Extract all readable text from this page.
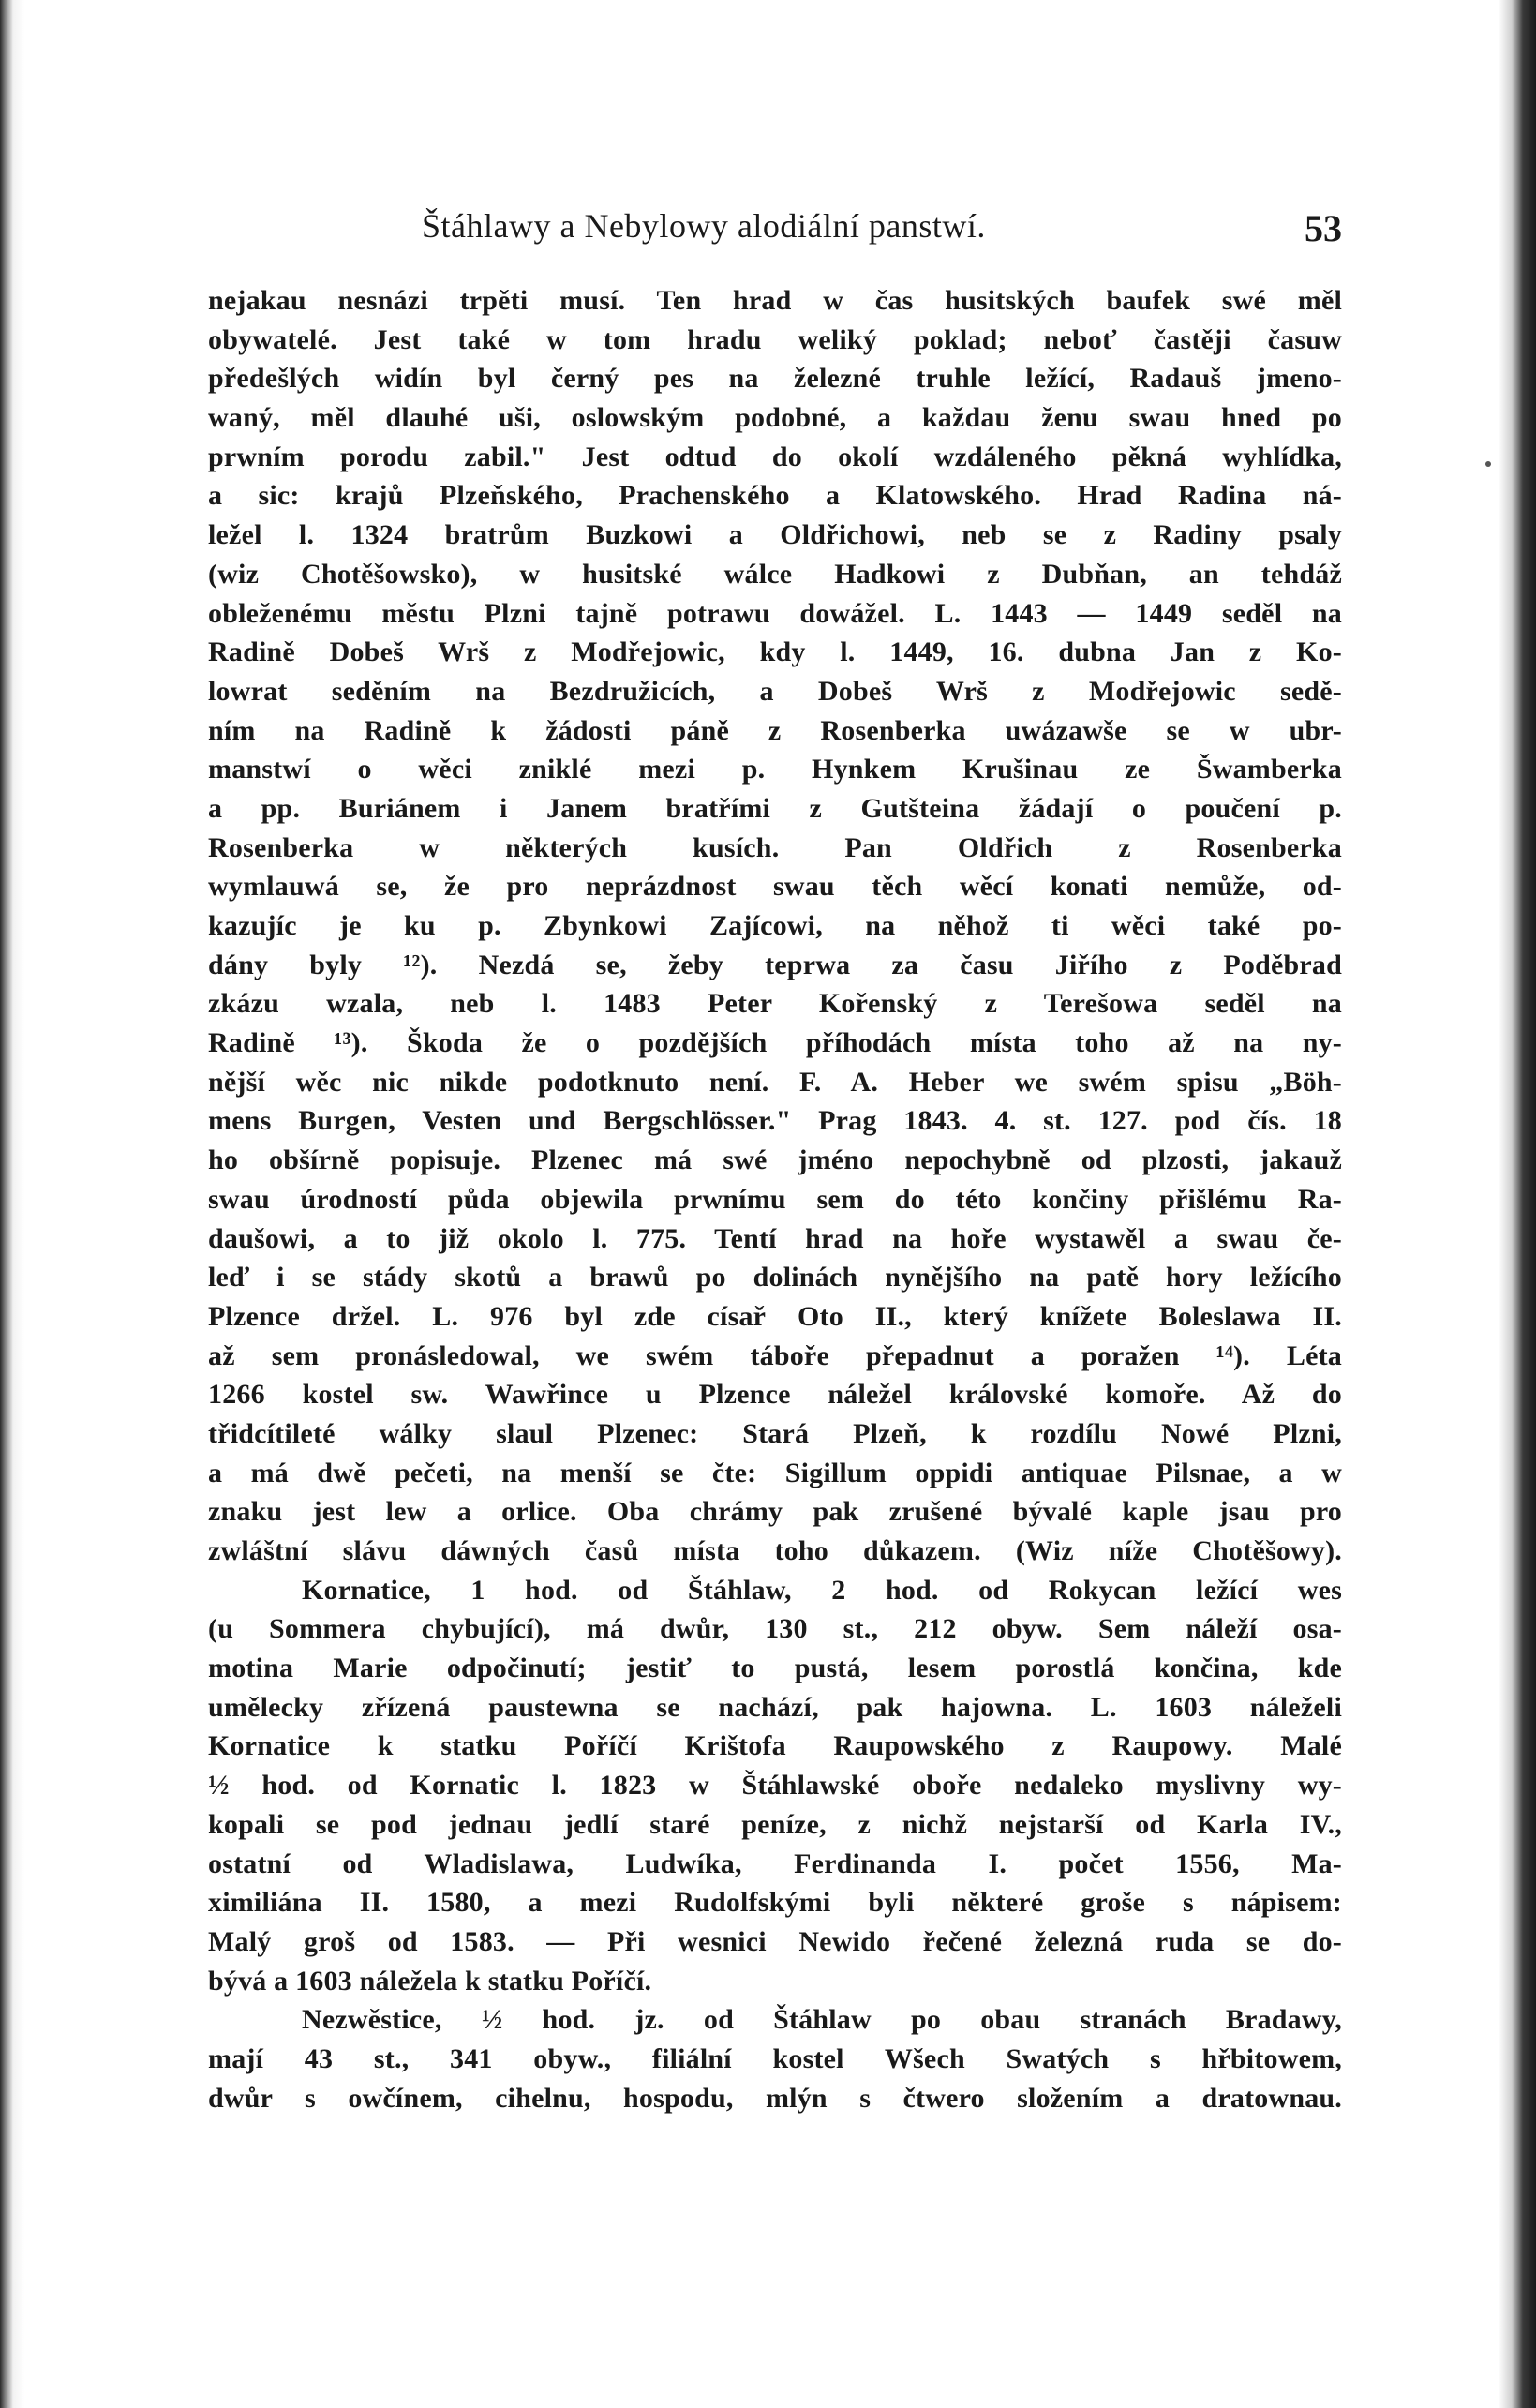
Štáhlawy a Nebylowy alodiální panstwí.	53
nejakau nesnázi trpěti musí. Ten hrad w čas husitských baufek swé měl
obywatelé. Jest také w tom hradu weliký poklad; neboť častěji časuw
předešlých widín byl černý pes na železné truhle ležící, Radauš jmeno-
waný, měl dlauhé uši, oslowským podobné, a každau ženu swau hned po
prwním porodu zabil." Jest odtud do okolí wzdáleného pěkná wyhlídka,
a sic: krajů Plzeňského, Prachenského a Klatowského. Hrad Radina ná-
ležel l. 1324 bratrům Buzkowi a Oldřichowi, neb se z Radiny psaly
(wiz Chotěšowsko), w husitské wálce Hadkowi z Dubňan, an tehdáž
obleženému městu Plzni tajně potrawu dowážel. L. 1443 — 1449 seděl na
Radině Dobeš Wrš z Modřejowic, kdy l. 1449, 16. dubna Jan z Ko-
lowrat seděním na Bezdružicích, a Dobeš Wrš z Modřejowic sedě-
ním na Radině k žádosti páně z Rosenberka uwázawše se w ubr-
manstwí o wěci zniklé mezi p. Hynkem Krušinau ze Šwamberka
a pp. Buriánem i Janem bratřími z Gutšteina žádají o poučení p.
Rosenberka w některých kusích. Pan Oldřich z Rosenberka
wymlauwá se, že pro neprázdnost swau těch wěcí konati nemůže, od-
kazujíc je ku p. Zbynkowi Zajícowi, na něhož ti wěci také po-
dány byly ¹²). Nezdá se, žeby teprwa za času Jiřího z Poděbrad
zkázu wzala, neb l. 1483 Peter Kořenský z Terešowa seděl na
Radině ¹³). Škoda že o pozdějších příhodách místa toho až na ny-
nější wěc nic nikde podotknuto není. F. A. Heber we swém spisu „Böh-
mens Burgen, Vesten und Bergschlösser." Prag 1843. 4. st. 127. pod čís. 18
ho obšírně popisuje. Plzenec má swé jméno nepochybně od plzosti, jakauž
swau úrodností půda objewila prwnímu sem do této končiny přišlému Ra-
daušowi, a to již okolo l. 775. Tentí hrad na hoře wystawěl a swau če-
leď i se stády skotů a brawů po dolinách nynějšího na patě hory ležícího
Plzence držel. L. 976 byl zde císař Oto II., který knížete Boleslawa II.
až sem pronásledowal, we swém táboře přepadnut a poražen ¹⁴). Léta
1266 kostel sw. Wawřince u Plzence náležel královské komoře. Až do
třidcítileté wálky slaul Plzenec: Stará Plzeň, k rozdílu Nowé Plzni,
a má dwě pečeti, na menší se čte: Sigillum oppidi antiquae Pilsnae, a w
znaku jest lew a orlice. Oba chrámy pak zrušené bývalé kaple jsau pro
zwláštní slávu dáwných časů místa toho důkazem. (Wiz níže Chotěšowy).
Kornatice, 1 hod. od Štáhlaw, 2 hod. od Rokycan ležící wes
(u Sommera chybující), má dwůr, 130 st., 212 obyw. Sem náleží osa-
motina Marie odpočinutí; jestiť to pustá, lesem porostlá končina, kde
umělecky zřízená paustewna se nachází, pak hajowna. L. 1603 náleželi
Kornatice k statku Poříčí Krištofa Raupowského z Raupowy. Malé
½ hod. od Kornatic l. 1823 w Štáhlawské oboře nedaleko myslivny wy-
kopali se pod jednau jedlí staré peníze, z nichž nejstarší od Karla IV.,
ostatní od Wladislawa, Ludwíka, Ferdinanda I. počet 1556, Ma-
ximiliána II. 1580, a mezi Rudolfskými byli některé groše s nápisem:
Malý groš od 1583. — Při wesnici Newido řečené železná ruda se do-
bývá a 1603 náležela k statku Poříčí.
Nezwěstice, ½ hod. jz. od Štáhlaw po obau stranách Bradawy,
mají 43 st., 341 obyw., filiální kostel Wšech Swatých s hřbitowem,
dwůr s owčínem, cihelnu, hospodu, mlýn s čtwero složením a dratownau.
